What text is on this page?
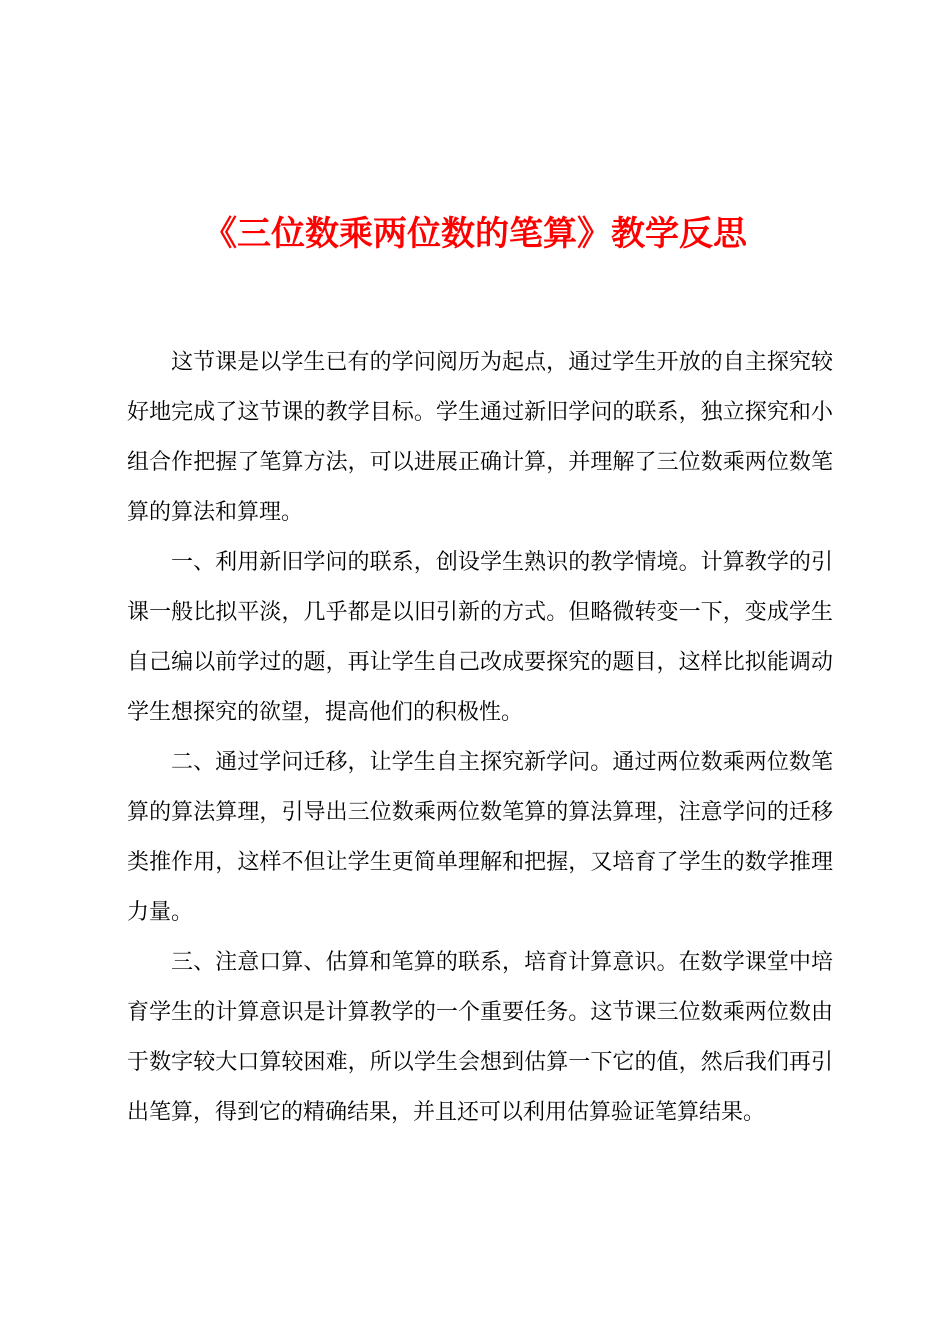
《三位数乘两位数的笔算》教学反思

这节课是以学生已有的学问阅历为起点，通过学生开放的自主探究较好地完成了这节课的教学目标。学生通过新旧学问的联系，独立探究和小组合作把握了笔算方法，可以进展正确计算，并理解了三位数乘两位数笔算的算法和算理。

一、利用新旧学问的联系，创设学生熟识的教学情境。计算教学的引课一般比拟平淡，几乎都是以旧引新的方式。但略微转变一下，变成学生自己编以前学过的题，再让学生自己改成要探究的题目，这样比拟能调动学生想探究的欲望，提高他们的积极性。

二、通过学问迁移，让学生自主探究新学问。通过两位数乘两位数笔算的算法算理，引导出三位数乘两位数笔算的算法算理，注意学问的迁移类推作用，这样不但让学生更简单理解和把握，又培育了学生的数学推理力量。

三、注意口算、估算和笔算的联系，培育计算意识。在数学课堂中培育学生的计算意识是计算教学的一个重要任务。这节课三位数乘两位数由于数字较大口算较困难，所以学生会想到估算一下它的值，然后我们再引出笔算，得到它的精确结果，并且还可以利用估算验证笔算结果。
